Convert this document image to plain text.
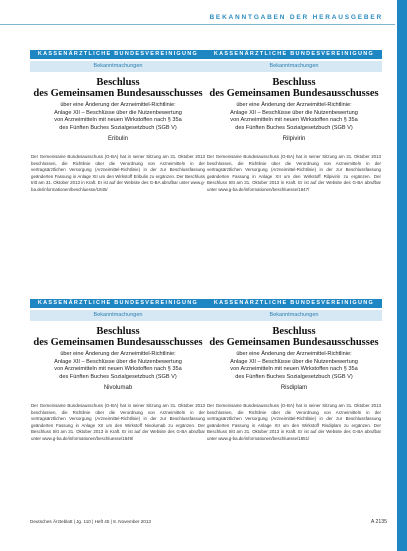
BEKANNTGABEN DER HERAUSGEBER
KASSENÄRZTLICHE BUNDESVEREINIGUNG
Bekanntmachungen
Beschluss
des Gemeinsamen Bundesausschusses
über eine Änderung der Arzneimittel-Richtlinie:
Anlage XII – Beschlüsse über die Nutzenbewertung
von Arzneimitteln mit neuen Wirkstoffen nach § 35a
des Fünften Buches Sozialgesetzbuch (SGB V)
Eribulin
Der Gemeinsame Bundesausschuss (G-BA) hat in seiner Sitzung am 31. Oktober 2013 beschlossen, die Richtlinie über die Verordnung von Arzneimitteln in der vertragsärztlichen Versorgung (Arzneimittel-Richtlinie) in der zur Beschlussfassung geänderten Fassung in Anlage XII um den Wirkstoff Eribulin zu ergänzen. Der Beschluss tritt am 31. Oktober 2013 in Kraft. Er ist auf der Website des G-BA abrufbar unter www.g-ba.de/informationen/beschluesse/1845/
KASSENÄRZTLICHE BUNDESVEREINIGUNG
Bekanntmachungen
Beschluss
des Gemeinsamen Bundesausschusses
über eine Änderung der Arzneimittel-Richtlinie:
Anlage XII – Beschlüsse über die Nutzenbewertung
von Arzneimitteln mit neuen Wirkstoffen nach § 35a
des Fünften Buches Sozialgesetzbuch (SGB V)
Rilpivirin
Der Gemeinsame Bundesausschuss (G-BA) hat in seiner Sitzung am 31. Oktober 2013 beschlossen, die Richtlinie über die Verordnung von Arzneimitteln in der vertragsärztlichen Versorgung (Arzneimittel-Richtlinie) in der zur Beschlussfassung geänderten Fassung in Anlage XII um den Wirkstoff Rilpivirin zu ergänzen. Der Beschluss tritt am 31. Oktober 2013 in Kraft. Er ist auf der Website des G-BA abrufbar unter www.g-ba.de/informationen/beschluesse/1847/
KASSENÄRZTLICHE BUNDESVEREINIGUNG
Bekanntmachungen
Beschluss
des Gemeinsamen Bundesausschusses
über eine Änderung der Arzneimittel-Richtlinie:
Anlage XII – Beschlüsse über die Nutzenbewertung
von Arzneimitteln mit neuen Wirkstoffen nach § 35a
des Fünften Buches Sozialgesetzbuch (SGB V)
Nivolumab
Der Gemeinsame Bundesausschuss (G-BA) hat in seiner Sitzung am 31. Oktober 2013 beschlossen, die Richtlinie über die Verordnung von Arzneimitteln in der vertragsärztlichen Versorgung (Arzneimittel-Richtlinie) in der zur Beschlussfassung geänderten Fassung in Anlage XII um den Wirkstoff Nivolumab zu ergänzen. Der Beschluss tritt am 31. Oktober 2013 in Kraft. Er ist auf der Website des G-BA abrufbar unter www.g-ba.de/informationen/beschluesse/1849/
KASSENÄRZTLICHE BUNDESVEREINIGUNG
Bekanntmachungen
Beschluss
des Gemeinsamen Bundesausschusses
über eine Änderung der Arzneimittel-Richtlinie:
Anlage XII – Beschlüsse über die Nutzenbewertung
von Arzneimitteln mit neuen Wirkstoffen nach § 35a
des Fünften Buches Sozialgesetzbuch (SGB V)
Risdiplam
Der Gemeinsame Bundesausschuss (G-BA) hat in seiner Sitzung am 31. Oktober 2013 beschlossen, die Richtlinie über die Verordnung von Arzneimitteln in der vertragsärztlichen Versorgung (Arzneimittel-Richtlinie) in der zur Beschlussfassung geänderten Fassung in Anlage XII um den Wirkstoff Risdiplam zu ergänzen. Der Beschluss tritt am 31. Oktober 2013 in Kraft. Er ist auf der Website des G-BA abrufbar unter www.g-ba.de/informationen/beschluesse/1851/
Deutsches Ärzteblatt | Jg. 110 | Heft 45 | 8. November 2013	A 2135
